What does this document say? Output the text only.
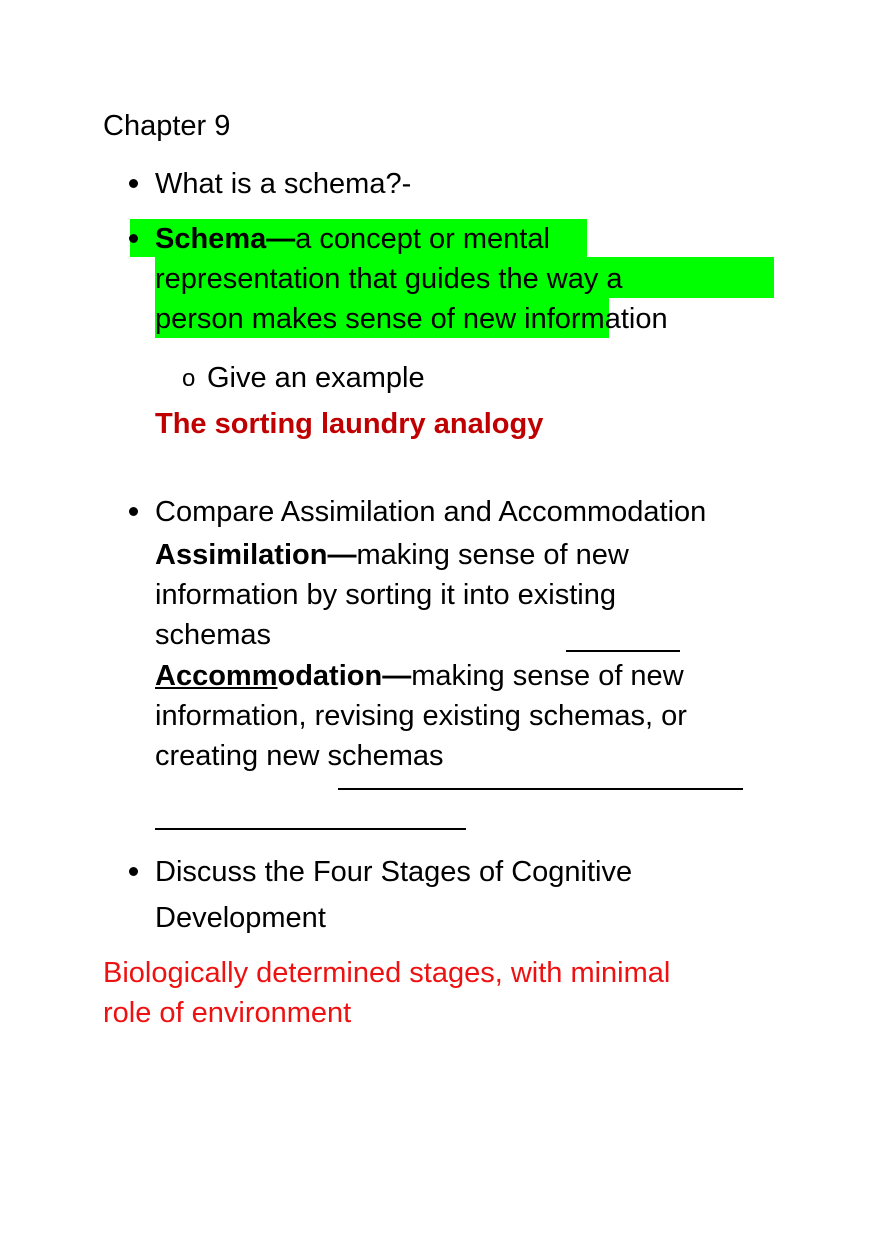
Chapter 9
What is a schema?-
Schema—a concept or mental
representation that guides the way a
person makes sense of new information
o Give an example
The sorting laundry analogy
Compare Assimilation and Accommodation
Assimilation—making sense of new
information by sorting it into existing
schemas
Accommodation—making sense of new
information, revising existing schemas, or
creating new schemas
Discuss the Four Stages of Cognitive
Development
Biologically determined stages, with minimal
role of environment
